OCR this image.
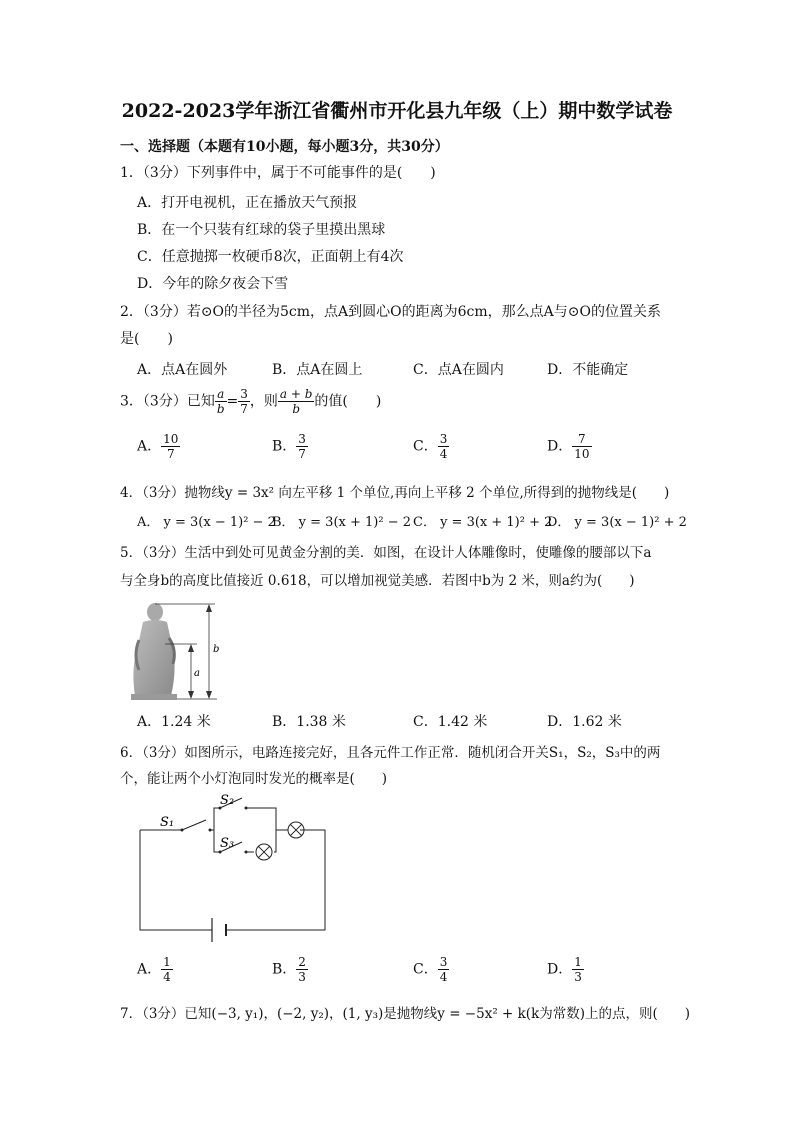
2022-2023学年浙江省衢州市开化县九年级（上）期中数学试卷
一、选择题（本题有10小题，每小题3分，共30分）
1．（3分）下列事件中，属于不可能事件的是(　　)
A．打开电视机，正在播放天气预报
B．在一个只装有红球的袋子里摸出黑球
C．任意抛掷一枚硬币8次，正面朝上有4次
D．今年的除夕夜会下雪
2．（3分）若⊙O的半径为5cm，点A到圆心O的距离为6cm，那么点A与⊙O的位置关系
是(　　)
A．点A在圆外	B．点A在圆上	C．点A在圆内	D．不能确定
3．（3分）已知 $\frac{a}{b} = \frac{3}{7}$ ，则 $\frac{a + b}{b}$ 的值(　　)
A． $\frac{10}{7}$	B． $\frac{3}{7}$	C． $\frac{3}{4}$	D． $\frac{7}{10}$
4．（3分）抛物线y = 3x² 向左平移 1 个单位,再向上平移 2 个单位,所得到的抛物线是(　　)
A． y = 3(x − 1)² − 2
B． y = 3(x + 1)² − 2 C． y = 3(x + 1)² + 2
D． y = 3(x − 1)² + 2
5．（3分）生活中到处可见黄金分割的美．如图，在设计人体雕像时，使雕像的腰部以下a
与全身b的高度比值接近 0.618，可以增加视觉美感．若图中b为 2 米，则a约为(　　)
b
a
A．1.24 米	B．1.38 米	C．1.42 米	D．1.62 米
6．（3分）如图所示，电路连接完好，且各元件工作正常．随机闭合开关S₁，S₂，S₃中的两
个，能让两个小灯泡同时发光的概率是(　　)
S₁
S₂
S₃
A． $\frac{1}{4}$	B． $\frac{2}{3}$	C． $\frac{3}{4}$	D． $\frac{1}{3}$
7．（3分）已知(−3, y₁)，(−2, y₂)，(1, y₃)是抛物线y = −5x² + k(k为常数)上的点，则(　　)
